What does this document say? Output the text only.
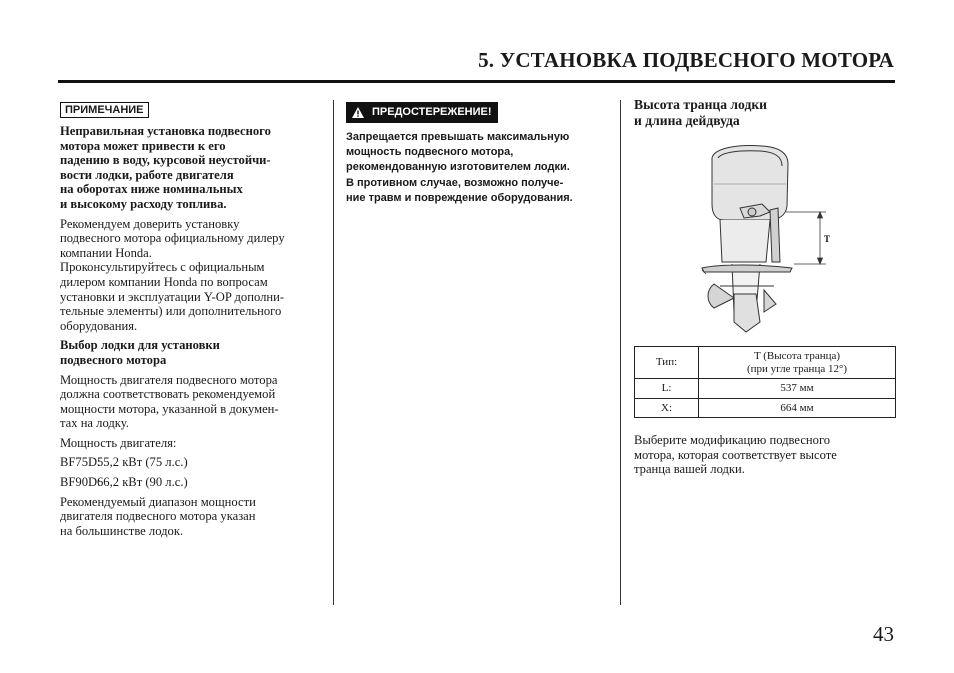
5. УСТАНОВКА ПОДВЕСНОГО МОТОРА
ПРИМЕЧАНИЕ

Неправильная установка подвесного
мотора может привести к его
падению в воду, курсовой неустойчи-
вости лодки, работе двигателя
на оборотах ниже номинальных
и высокому расходу топлива.

Рекомендуем доверить установку
подвесного мотора официальному дилеру
компании Honda.
Проконсультируйтесь с официальным
дилером компании Honda по вопросам
установки и эксплуатации Y-OP дополни-
тельные элементы) или дополнительного
оборудования.

Выбор лодки для установки
подвесного мотора

Мощность двигателя подвесного мотора
должна соответствовать рекомендуемой
мощности мотора, указанной в докумен-
тах на лодку.

Мощность двигателя:

BF75D:
55,2 кВт (75 л.с.)

BF90D:
66,2 кВт (90 л.с.)

Рекомендуемый диапазон мощности
двигателя подвесного мотора указан
на большинстве лодок.

ПРЕДОСТЕРЕЖЕНИЕ!
Запрещается превышать максимальную
мощность подвесного мотора,
рекомендованную изготовителем лодки.
В противном случае, возможно получе-
ние травм и повреждение оборудования.
Высота транца лодки
и длина дейдвуда
T
Тип:	T (Высота транца)
(при угле транца 12°)
L:	537 мм
X:	664 мм
Выберите модификацию подвесного
мотора, которая соответствует высоте
транца вашей лодки.
43
